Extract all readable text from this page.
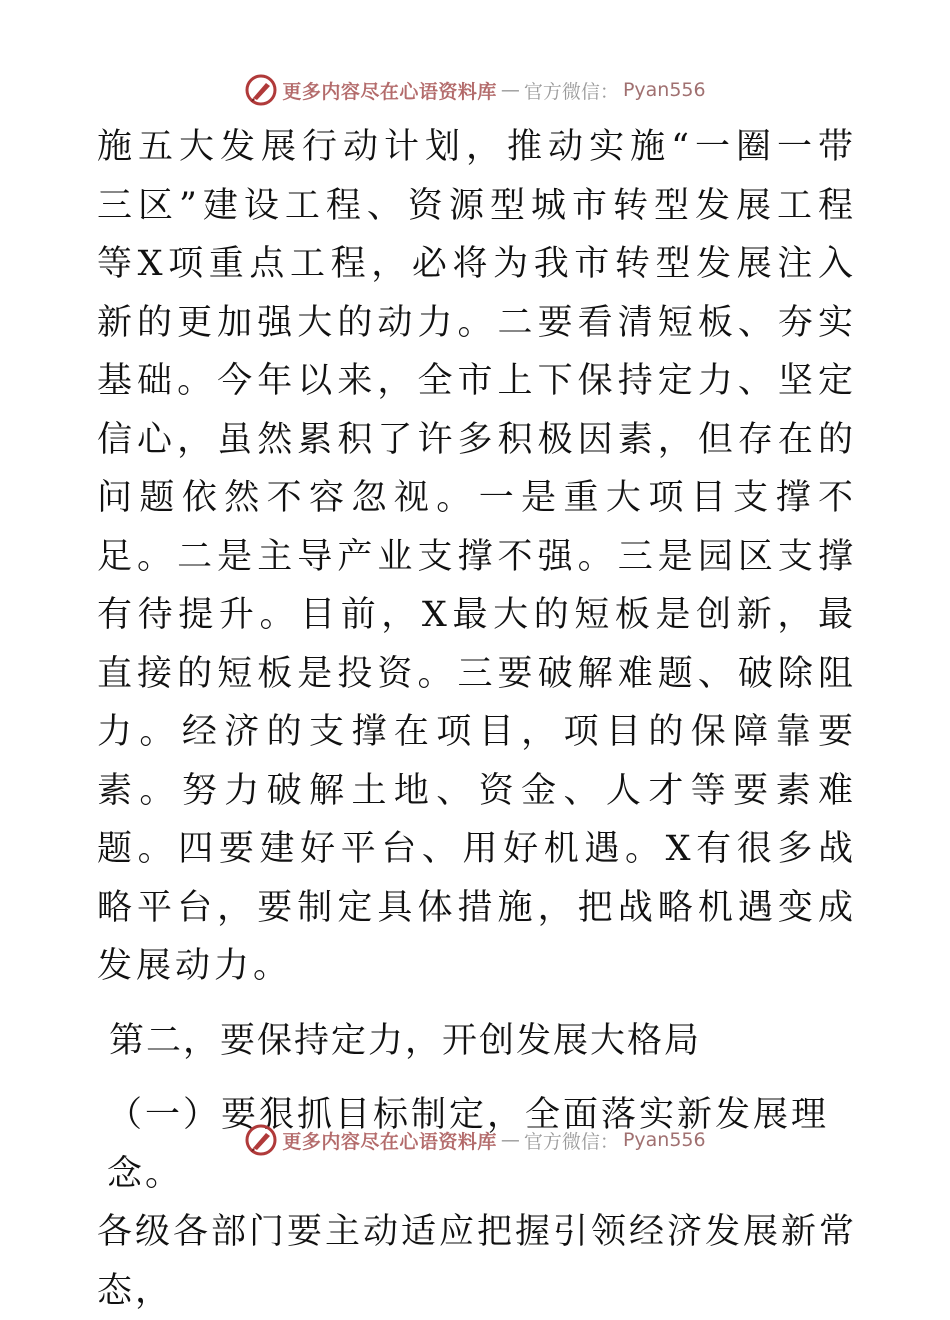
更多内容尽在心语资料库 — 官方微信： Pyan556

施五大发展行动计划，推动实施“一圈一带三区”建设工程、资源型城市转型发展工程等X项重点工程，必将为我市转型发展注入新的更加强大的动力。二要看清短板、夯实基础。今年以来，全市上下保持定力、坚定信心，虽然累积了许多积极因素，但存在的问题依然不容忽视。一是重大项目支撑不足。二是主导产业支撑不强。三是园区支撑有待提升。目前，X最大的短板是创新，最直接的短板是投资。三要破解难题、破除阻力。经济的支撑在项目，项目的保障靠要素。努力破解土地、资金、人才等要素难题。四要建好平台、用好机遇。X有很多战略平台，要制定具体措施，把战略机遇变成发展动力。

第二，要保持定力，开创发展大格局

（一）要狠抓目标制定，全面落实新发展理念。

各级各部门要主动适应把握引领经济发展新常态，

更多内容尽在心语资料库 — 官方微信： Pyan556
